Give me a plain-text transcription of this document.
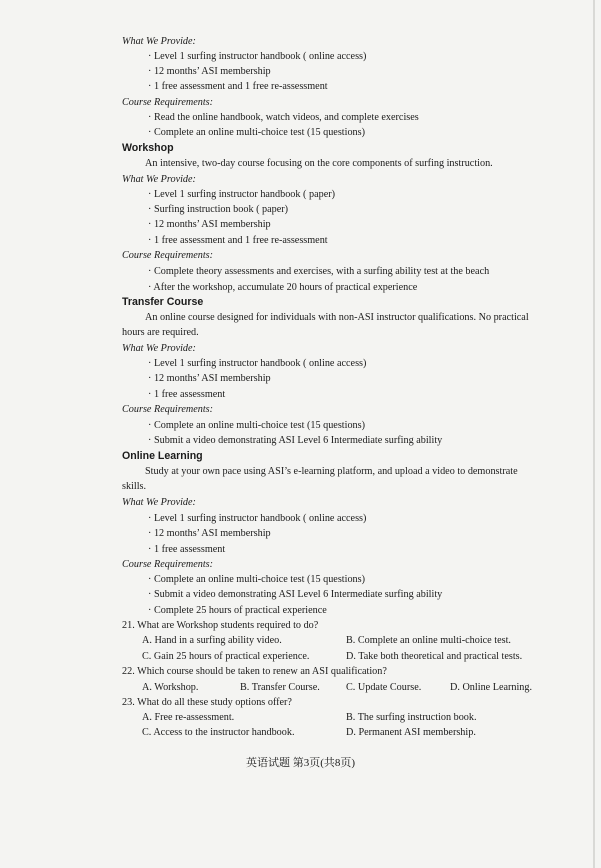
What We Provide:
· Level 1 surfing instructor handbook ( online access)
· 12 months’ ASI membership
· 1 free assessment and 1 free re-assessment
Course Requirements:
· Read the online handbook, watch videos, and complete exercises
· Complete an online multi-choice test (15 questions)
Workshop
An intensive, two-day course focusing on the core components of surfing instruction.
What We Provide:
· Level 1 surfing instructor handbook ( paper)
· Surfing instruction book ( paper)
· 12 months’ ASI membership
· 1 free assessment and 1 free re-assessment
Course Requirements:
· Complete theory assessments and exercises, with a surfing ability test at the beach
· After the workshop, accumulate 20 hours of practical experience
Transfer Course
An online course designed for individuals with non-ASI instructor qualifications. No practical
hours are required.
What We Provide:
· Level 1 surfing instructor handbook ( online access)
· 12 months’ ASI membership
· 1 free assessment
Course Requirements:
· Complete an online multi-choice test (15 questions)
· Submit a video demonstrating ASI Level 6 Intermediate surfing ability
Online Learning
Study at your own pace using ASI’s e-learning platform, and upload a video to demonstrate
skills.
What We Provide:
· Level 1 surfing instructor handbook ( online access)
· 12 months’ ASI membership
· 1 free assessment
Course Requirements:
· Complete an online multi-choice test (15 questions)
· Submit a video demonstrating ASI Level 6 Intermediate surfing ability
· Complete 25 hours of practical experience
21. What are Workshop students required to do?
A. Hand in a surfing ability video.	B. Complete an online multi-choice test.
C. Gain 25 hours of practical experience.	D. Take both theoretical and practical tests.
22. Which course should be taken to renew an ASI qualification?
A. Workshop.	B. Transfer Course.	C. Update Course.	D. Online Learning.
23. What do all these study options offer?
A. Free re-assessment.	B. The surfing instruction book.
C. Access to the instructor handbook.	D. Permanent ASI membership.
英语试题 第3页(共8页)
